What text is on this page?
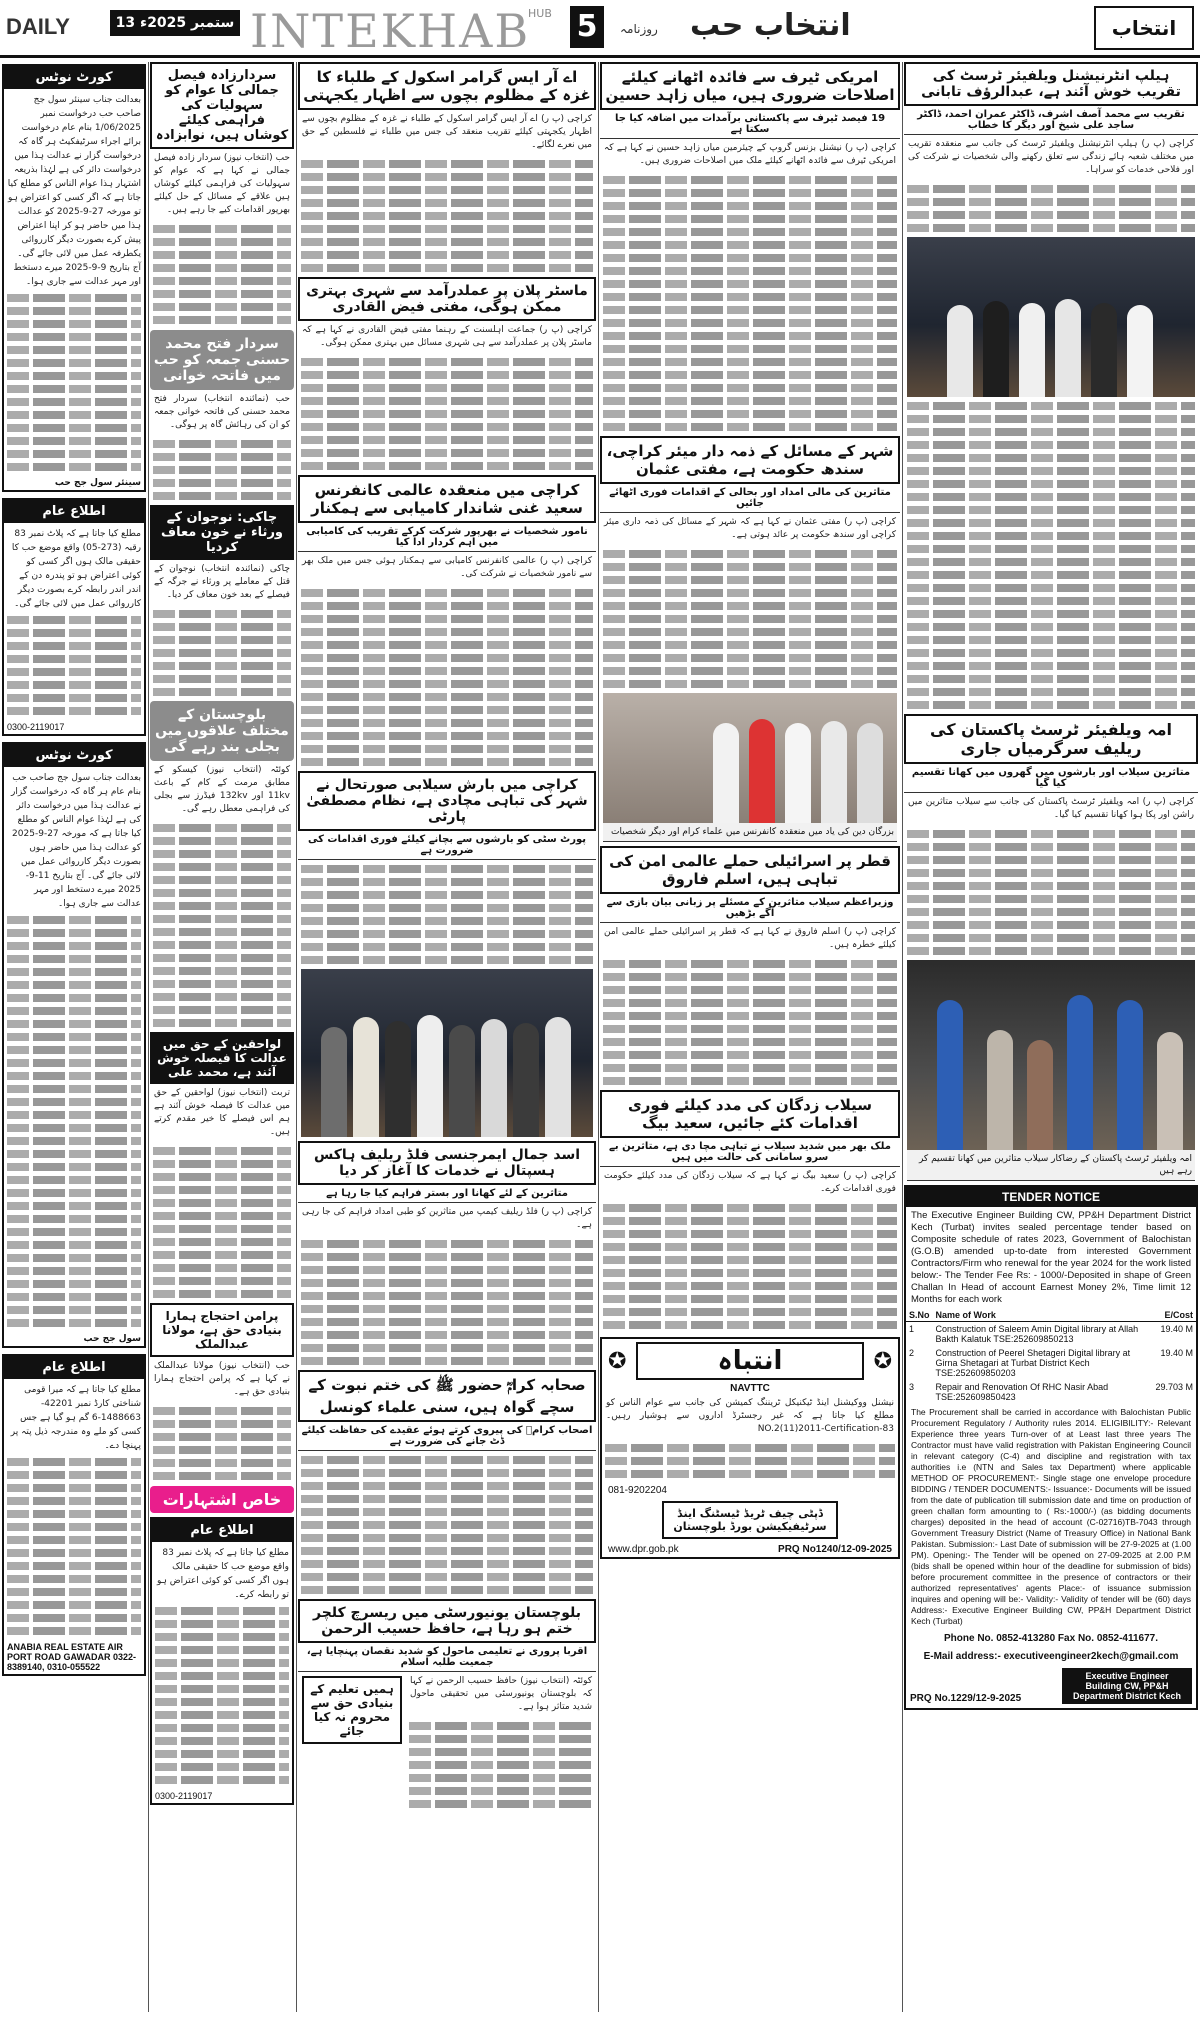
DAILY	13 ستمبر 2025ء INTEKHAB
HUB 5	روزنامہ انتخاب حب	انتخاب
کورٹ نوٹس
بعدالت جناب سینئر سول جج صاحب حب درخواست نمبر 1/06/2025 بنام عام درخواست برائے اجراء سرٹیفکیٹ ہر گاہ کہ درخواست گزار نے عدالت ہذا میں درخواست دائر کی ہے لہٰذا بذریعہ اشتہار ہذا عوام الناس کو مطلع کیا جاتا ہے کہ اگر کسی کو اعتراض ہو تو مورخہ 27-9-2025 کو عدالت ہذا میں حاضر ہو کر اپنا اعتراض پیش کرے بصورت دیگر کارروائی یکطرفہ عمل میں لائی جائے گی۔ آج بتاریخ 9-9-2025 میرے دستخط اور مہر عدالت سے جاری ہوا۔
سینئر سول جج حب
اطلاع عام
مطلع کیا جاتا ہے کہ پلاٹ نمبر 83 رقبہ (273-05) واقع موضع حب کا حقیقی مالک ہوں اگر کسی کو کوئی اعتراض ہو تو پندرہ دن کے اندر اندر رابطہ کرے بصورت دیگر کارروائی عمل میں لائی جائے گی۔
0300-2119017
کورٹ نوٹس
بعدالت جناب سول جج صاحب حب بنام عام ہر گاہ کہ درخواست گزار نے عدالت ہذا میں درخواست دائر کی ہے لہٰذا عوام الناس کو مطلع کیا جاتا ہے کہ مورخہ 27-9-2025 کو عدالت ہذا میں حاضر ہوں بصورت دیگر کارروائی عمل میں لائی جائے گی۔ آج بتاریخ 11-9-2025 میرے دستخط اور مہر عدالت سے جاری ہوا۔
سول جج حب
اطلاع عام
مطلع کیا جاتا ہے کہ میرا قومی شناختی کارڈ نمبر 42201-1488663-6 گم ہو گیا ہے جس کسی کو ملے وہ مندرجہ ذیل پتہ پر پہنچا دے۔
ANABIA REAL ESTATE AIR PORT ROAD GAWADAR 0322-8389140, 0310-055522
سردارزادہ فیصل جمالی کا عوام کو سہولیات کی فراہمی کیلئے کوشاں ہیں، نوابزادہ
حب (انتخاب نیوز) سردار زادہ فیصل جمالی نے کہا ہے کہ عوام کو سہولیات کی فراہمی کیلئے کوشاں ہیں علاقے کے مسائل کے حل کیلئے بھرپور اقدامات کیے جا رہے ہیں۔
سردار فتح محمد حسنی جمعہ کو حب میں فاتحہ خوانی
حب (نمائندہ انتخاب) سردار فتح محمد حسنی کی فاتحہ خوانی جمعہ کو ان کی رہائش گاہ پر ہوگی۔
چاکی: نوجوان کے ورثاء نے خون معاف کردیا
چاکی (نمائندہ انتخاب) نوجوان کے قتل کے معاملے پر ورثاء نے جرگہ کے فیصلے کے بعد خون معاف کر دیا۔
بلوچستان کے مختلف علاقوں میں بجلی بند رہے گی
کوئٹہ (انتخاب نیوز) کیسکو کے مطابق مرمت کے کام کے باعث 11kv اور 132kv فیڈرز سے بجلی کی فراہمی معطل رہے گی۔
لواحقین کے حق میں عدالت کا فیصلہ خوش آئند ہے، محمد علی
تربت (انتخاب نیوز) لواحقین کے حق میں عدالت کا فیصلہ خوش آئند ہے ہم اس فیصلے کا خیر مقدم کرتے ہیں۔
پرامن احتجاج ہمارا بنیادی حق ہے، مولانا عبدالملک
حب (انتخاب نیوز) مولانا عبدالملک نے کہا ہے کہ پرامن احتجاج ہمارا بنیادی حق ہے۔
خاص اشتہارات
اطلاع عام
مطلع کیا جاتا ہے کہ پلاٹ نمبر 83 واقع موضع حب کا حقیقی مالک ہوں اگر کسی کو کوئی اعتراض ہو تو رابطہ کرے۔
0300-2119017
اے آر ایس گرامر اسکول کے طلباء کا غزہ کے مظلوم بچوں سے اظہار یکجہتی
کراچی (پ ر) اے آر ایس گرامر اسکول کے طلباء نے غزہ کے مظلوم بچوں سے اظہار یکجہتی کیلئے تقریب منعقد کی جس میں طلباء نے فلسطین کے حق میں نعرے لگائے۔
ماسٹر پلان پر عملدرآمد سے شہری بہتری ممکن ہوگی، مفتی فیض القادری
کراچی (پ ر) جماعت اہلسنت کے رہنما مفتی فیض القادری نے کہا ہے کہ ماسٹر پلان پر عملدرآمد سے ہی شہری مسائل میں بہتری ممکن ہوگی۔
کراچی میں منعقدہ عالمی کانفرنس سعید غنی شاندار کامیابی سے ہمکنار
نامور شخصیات نے بھرپور شرکت کرکے تقریب کی کامیابی میں اہم کردار ادا کیا
کراچی (پ ر) عالمی کانفرنس کامیابی سے ہمکنار ہوئی جس میں ملک بھر سے نامور شخصیات نے شرکت کی۔
کراچی میں بارش سیلابی صورتحال نے شہر کی تباہی مچادی ہے، نظام مصطفیٰ پارٹی
پورٹ سٹی کو بارشوں سے بچانے کیلئے فوری اقدامات کی ضرورت ہے
اسد جمال ایمرجنسی فلڈ ریلیف ہاکس ہسپتال نے خدمات کا آغاز کر دیا
متاثرین کے لئے کھانا اور بستر فراہم کیا جا رہا ہے
کراچی (پ ر) فلڈ ریلیف کیمپ میں متاثرین کو طبی امداد فراہم کی جا رہی ہے۔
صحابہ کرامؓ حضور ﷺ کی ختم نبوت کے سچے گواہ ہیں، سنی علماء کونسل
اصحاب کرامؓ کی پیروی کرتے ہوئے عقیدے کی حفاظت کیلئے ڈٹ جانے کی ضرورت ہے
بلوچستان یونیورسٹی میں ریسرچ کلچر ختم ہو رہا ہے، حافظ حسیب الرحمن
اقربا پروری نے تعلیمی ماحول کو شدید نقصان پہنچایا ہے، جمعیت طلبہ اسلام
کوئٹہ (انتخاب نیوز) حافظ حسیب الرحمن نے کہا کہ بلوچستان یونیورسٹی میں تحقیقی ماحول شدید متاثر ہوا ہے۔
ہمیں تعلیم کے بنیادی حق سے محروم نہ کیا جائے
امریکی ٹیرف سے فائدہ اٹھانے کیلئے اصلاحات ضروری ہیں، میاں زاہد حسین
19 فیصد ٹیرف سے پاکستانی برآمدات میں اضافہ کیا جا سکتا ہے
کراچی (پ ر) نیشنل بزنس گروپ کے چیئرمین میاں زاہد حسین نے کہا ہے کہ امریکی ٹیرف سے فائدہ اٹھانے کیلئے ملک میں اصلاحات ضروری ہیں۔
شہر کے مسائل کے ذمہ دار میئر کراچی، سندھ حکومت ہے، مفتی عثمان
متاثرین کی مالی امداد اور بحالی کے اقدامات فوری اٹھائے جائیں
کراچی (پ ر) مفتی عثمان نے کہا ہے کہ شہر کے مسائل کی ذمہ داری میئر کراچی اور سندھ حکومت پر عائد ہوتی ہے۔
بزرگان دین کی یاد میں منعقدہ کانفرنس میں علماء کرام اور دیگر شخصیات
قطر پر اسرائیلی حملے عالمی امن کی تباہی ہیں، اسلم فاروق
وزیراعظم سیلاب متاثرین کے مسئلے پر زبانی بیان بازی سے آگے بڑھیں
کراچی (پ ر) اسلم فاروق نے کہا ہے کہ قطر پر اسرائیلی حملے عالمی امن کیلئے خطرہ ہیں۔
سیلاب زدگان کی مدد کیلئے فوری اقدامات کئے جائیں، سعید بیگ
ملک بھر میں شدید سیلاب نے تباہی مچا دی ہے، متاثرین بے سرو سامانی کی حالت میں ہیں
کراچی (پ ر) سعید بیگ نے کہا ہے کہ سیلاب زدگان کی مدد کیلئے حکومت فوری اقدامات کرے۔
✪	انتباہ	✪
NAVTTC
نیشنل ووکیشنل اینڈ ٹیکنیکل ٹریننگ کمیشن کی جانب سے عوام الناس کو مطلع کیا جاتا ہے کہ غیر رجسٹرڈ اداروں سے ہوشیار رہیں۔ NO.2(11)2011-Certification-83
081-9202204
ڈپٹی چیف ٹریڈ ٹیسٹنگ اینڈ سرٹیفیکیشن بورڈ بلوچستان
www.dpr.gob.pk	PRQ No1240/12-09-2025
ہیلپ انٹرنیشنل ویلفیئر ٹرسٹ کی تقریب خوش آئند ہے، عبدالرؤف تابانی
تقریب سے محمد آصف اشرف، ڈاکٹر عمران احمد، ڈاکٹر ساجد علی شیخ اور دیگر کا خطاب
کراچی (پ ر) ہیلپ انٹرنیشنل ویلفیئر ٹرسٹ کی جانب سے منعقدہ تقریب میں مختلف شعبہ ہائے زندگی سے تعلق رکھنے والی شخصیات نے شرکت کی اور فلاحی خدمات کو سراہا۔
امہ ویلفیئر ٹرسٹ پاکستان کی ریلیف سرگرمیاں جاری
متاثرین سیلاب اور بارشوں میں گھروں میں کھانا تقسیم کیا گیا
کراچی (پ ر) امہ ویلفیئر ٹرسٹ پاکستان کی جانب سے سیلاب متاثرین میں راشن اور پکا ہوا کھانا تقسیم کیا گیا۔
امہ ویلفیئر ٹرسٹ پاکستان کے رضاکار سیلاب متاثرین میں کھانا تقسیم کر رہے ہیں
TENDER NOTICE
The Executive Engineer Building CW, PP&H Department District Kech (Turbat) invites sealed percentage tender based on Composite schedule of rates 2023, Government of Balochistan (G.O.B) amended up-to-date from interested Government Contractors/Firm who renewal for the year 2024 for the work listed below:- The Tender Fee Rs: - 1000/-Deposited in shape of Green Challan In Head of account Earnest Money 2%, Time limit 12 Months for each work
S.No	Name of Work	E/Cost
1	Construction of Saleem Amin Digital library at Allah Bakth Kalatuk TSE:252609850213	19.40 M
2	Construction of Peerel Shetageri Digital library at Girna Shetagari at Turbat District Kech TSE:252609850203	19.40 M
3	Repair and Renovation Of RHC Nasir Abad TSE:252609850423	29.703 M
The Procurement shall be carried in accordance with Balochistan Public Procurement Regulatory / Authority rules 2014. ELIGIBILITY:- Relevant Experience three years Turn-over of at Least last three years The Contractor must have valid registration with Pakistan Engineering Council in relevant category (C-4) and discipline and registration with tax authorities i.e (NTN and Sales tax Department) where applicable METHOD OF PROCUREMENT:- Single stage one envelope procedure BIDDING / TENDER DOCUMENTS:- Issuance:- Documents will be issued from the date of publication till submission date and time on production of green challan form amounting to ( Rs:-1000/-) (as bidding documents charges) deposited in the head of account (C-02716)TB-7043 through Government Treasury District (Name of Treasury Office) in National Bank Pakistan. Submission:- Last Date of submission will be 27-9-2025 at (1.00 PM). Opening:- The Tender will be opened on 27-09-2025 at 2.00 P.M (bids shall be opened within hour of the deadline for submission of bids) before procurement committee in the presence of contractors or their authorized representatives' agents Place:- of issuance submission inquires and opening will be:- Validity:- Validity of tender will be (60) days Address:- Executive Engineer Building CW, PP&H Department District Kech (Turbat)
Phone No. 0852-413280 Fax No. 0852-411677.
E-Mail address:- executiveengineer2kech@gmail.com
PRQ No.1229/12-9-2025
Executive Engineer Building CW, PP&H Department District Kech
